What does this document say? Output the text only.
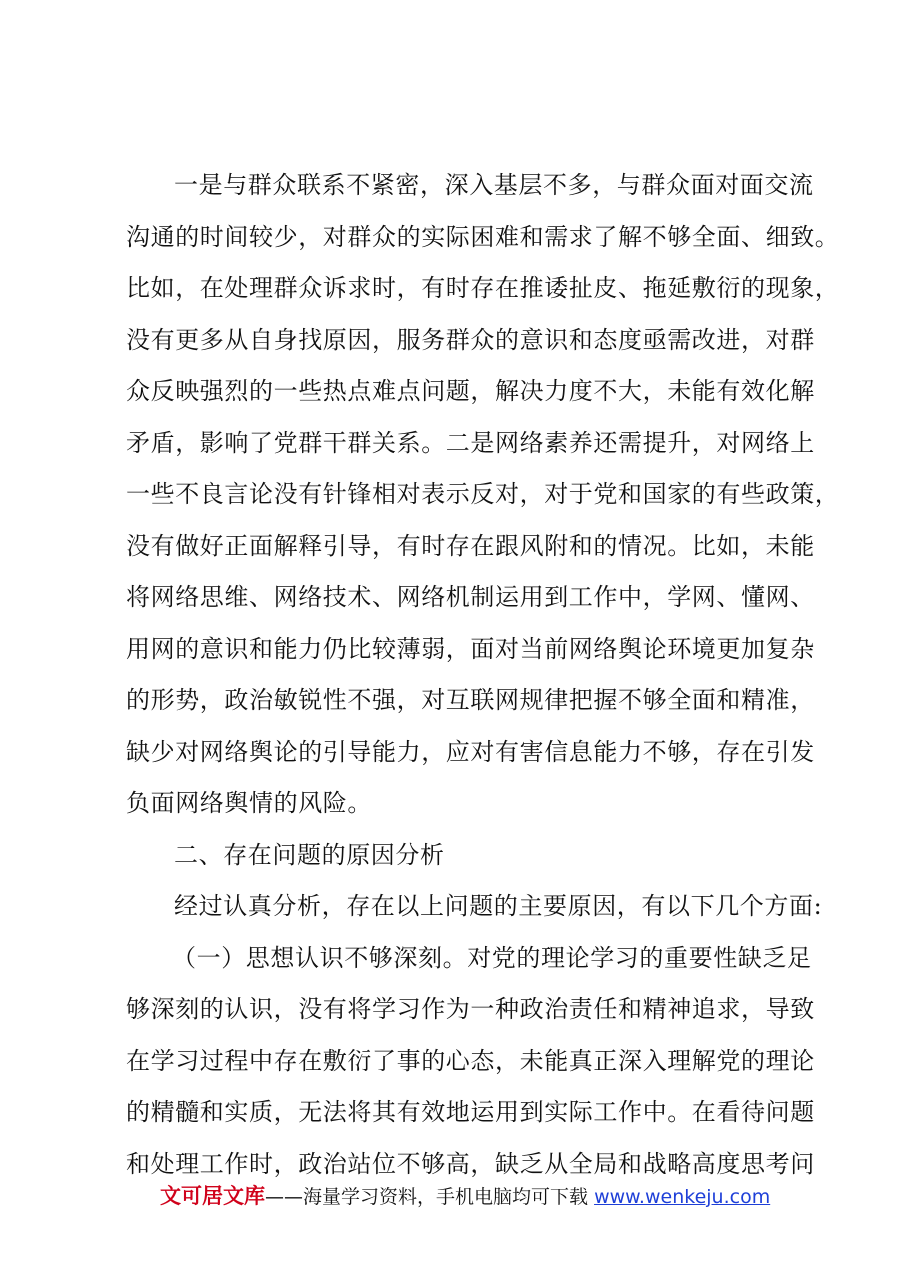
一是与群众联系不紧密，深入基层不多，与群众面对面交流
沟通的时间较少，对群众的实际困难和需求了解不够全面、细致。
比如，在处理群众诉求时，有时存在推诿扯皮、拖延敷衍的现象，
没有更多从自身找原因，服务群众的意识和态度亟需改进，对群
众反映强烈的一些热点难点问题，解决力度不大，未能有效化解
矛盾，影响了党群干群关系。二是网络素养还需提升，对网络上
一些不良言论没有针锋相对表示反对，对于党和国家的有些政策，
没有做好正面解释引导，有时存在跟风附和的情况。比如，未能
将网络思维、网络技术、网络机制运用到工作中，学网、懂网、
用网的意识和能力仍比较薄弱，面对当前网络舆论环境更加复杂
的形势，政治敏锐性不强，对互联网规律把握不够全面和精准，
缺少对网络舆论的引导能力，应对有害信息能力不够，存在引发
负面网络舆情的风险。
二、存在问题的原因分析
经过认真分析，存在以上问题的主要原因，有以下几个方面:
（一）思想认识不够深刻。对党的理论学习的重要性缺乏足
够深刻的认识，没有将学习作为一种政治责任和精神追求，导致
在学习过程中存在敷衍了事的心态，未能真正深入理解党的理论
的精髓和实质，无法将其有效地运用到实际工作中。在看待问题
和处理工作时，政治站位不够高，缺乏从全局和战略高度思考问
文可居文库——海量学习资料，手机电脑均可下载 www.wenkeju.com
